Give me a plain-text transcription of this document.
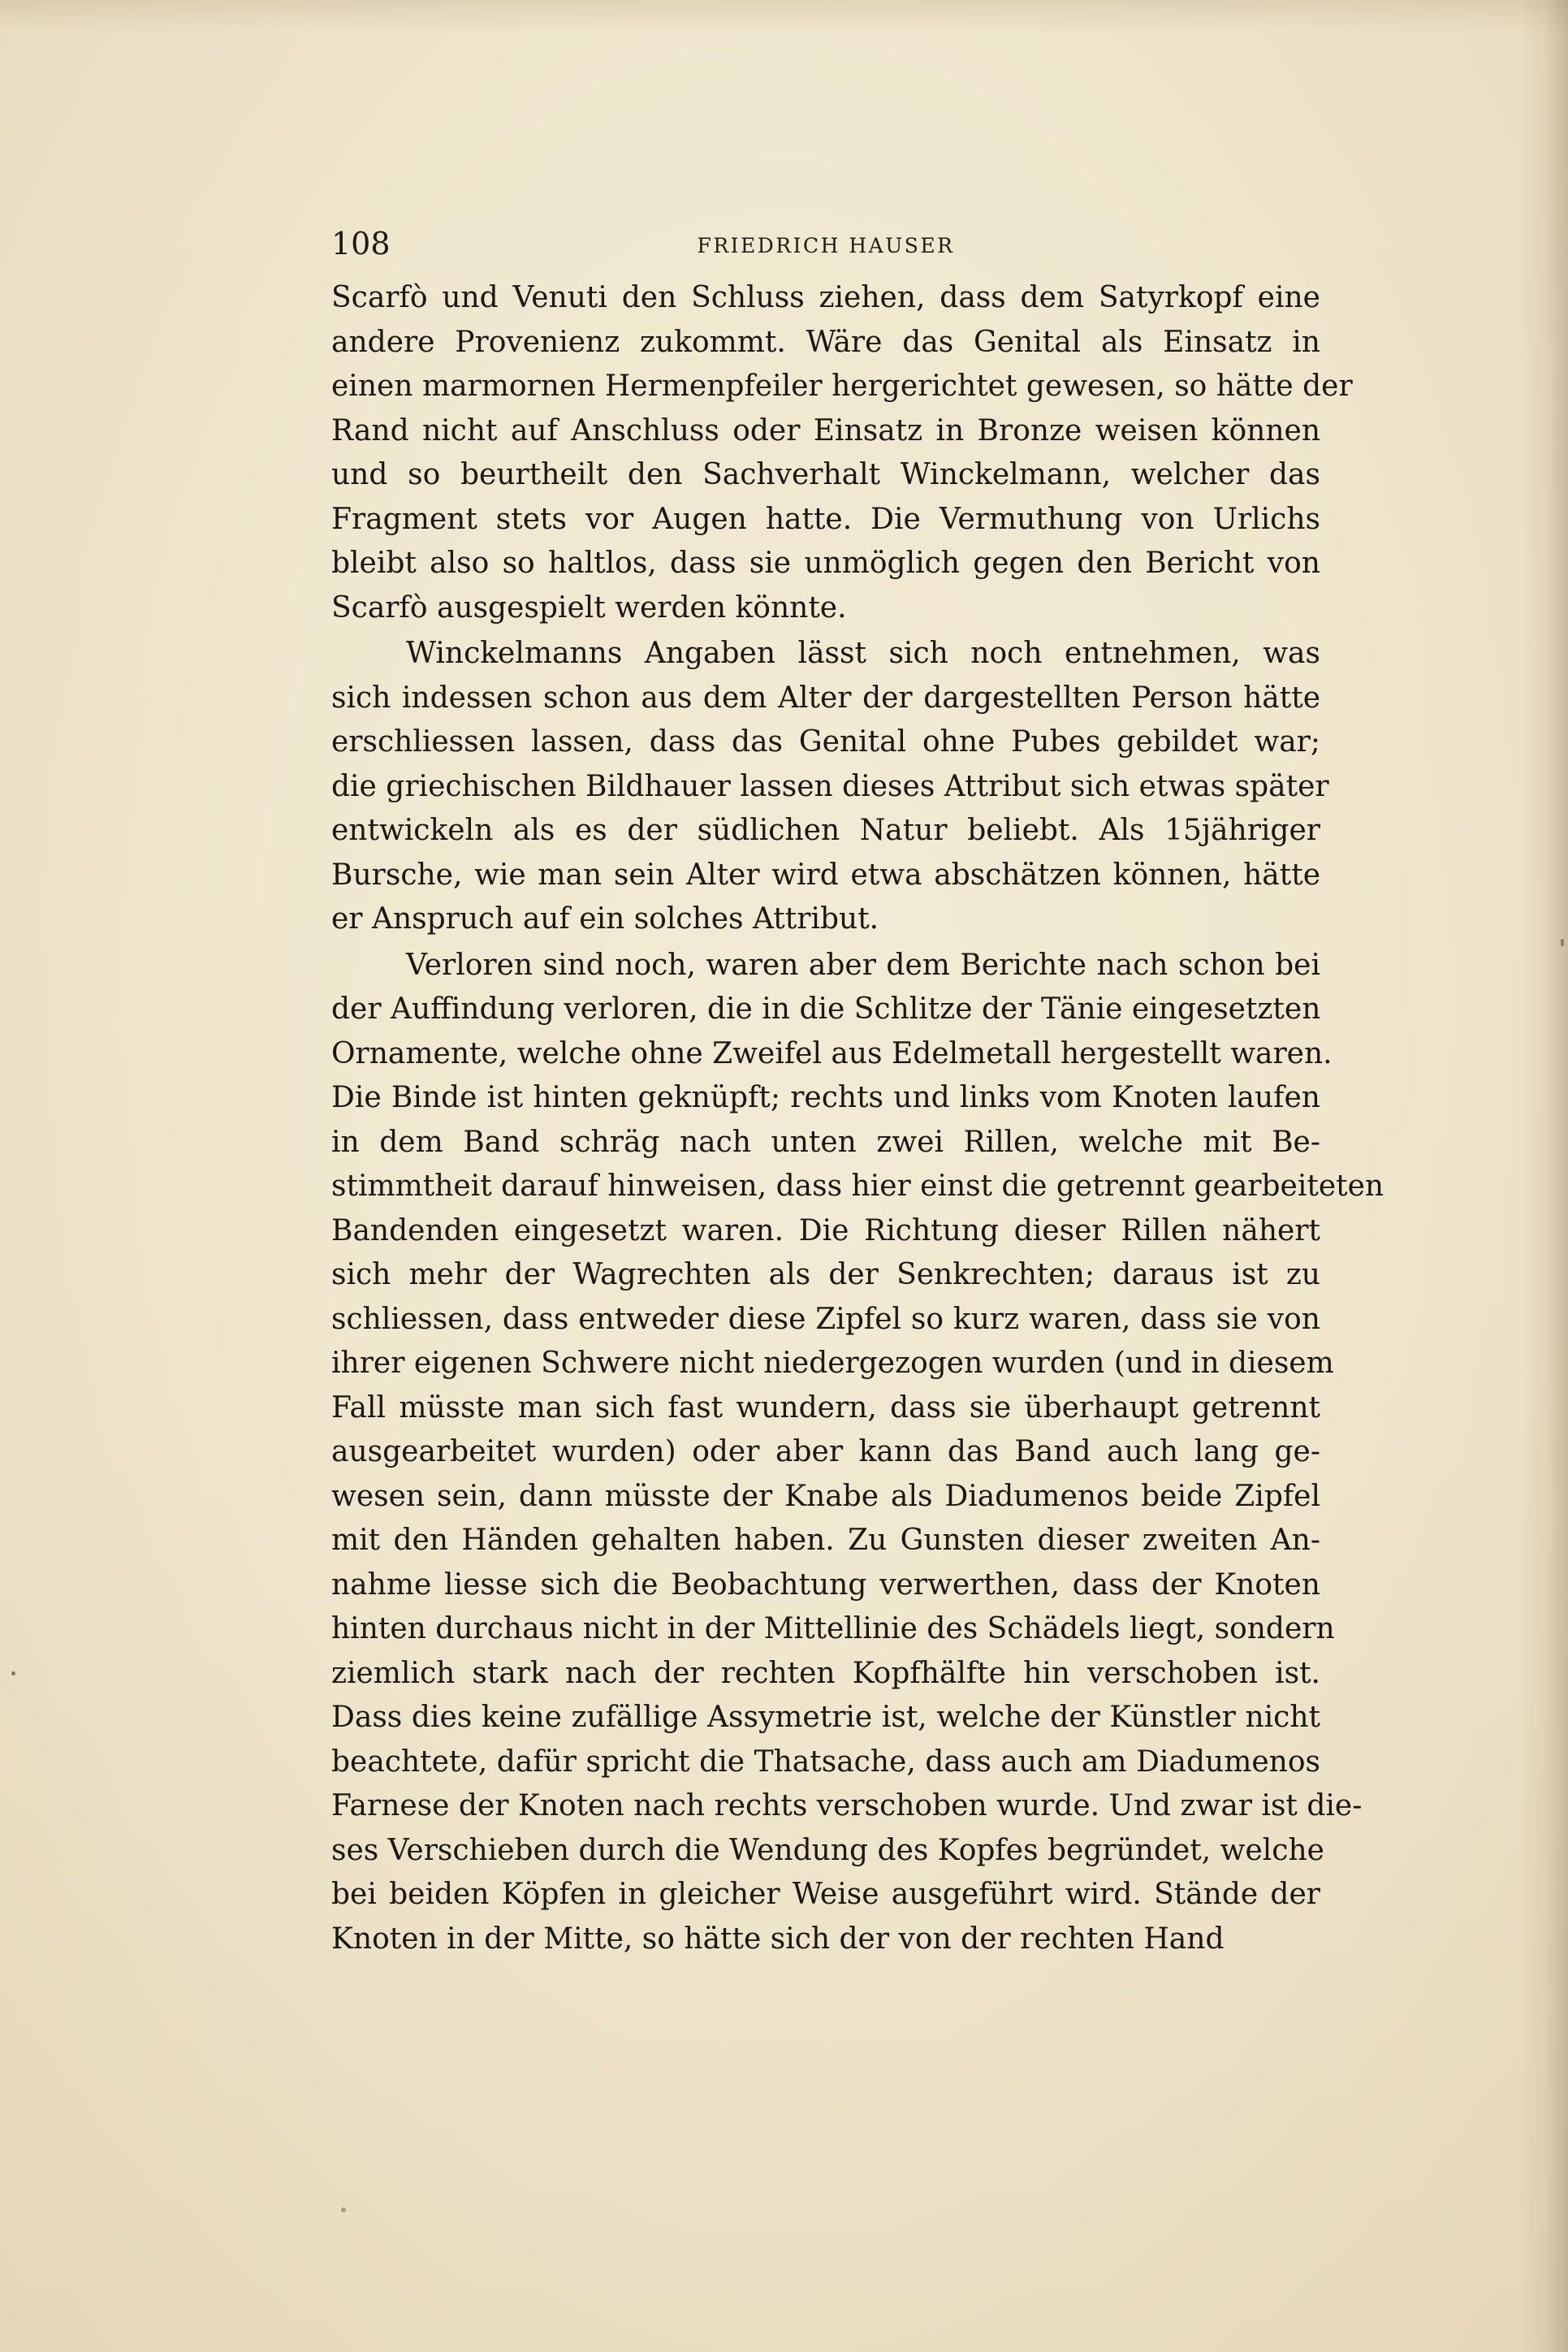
108	FRIEDRICH HAUSER
Scarfò und Venuti den Schluss ziehen, dass dem Satyrkopf eine
andere Provenienz zukommt. Wäre das Genital als Einsatz in
einen marmornen Hermenpfeiler hergerichtet gewesen, so hätte der
Rand nicht auf Anschluss oder Einsatz in Bronze weisen können
und so beurtheilt den Sachverhalt Winckelmann, welcher das
Fragment stets vor Augen hatte. Die Vermuthung von Urlichs
bleibt also so haltlos, dass sie unmöglich gegen den Bericht von
Scarfò ausgespielt werden könnte.
Winckelmanns Angaben lässt sich noch entnehmen, was
sich indessen schon aus dem Alter der dargestellten Person hätte
erschliessen lassen, dass das Genital ohne Pubes gebildet war;
die griechischen Bildhauer lassen dieses Attribut sich etwas später
entwickeln als es der südlichen Natur beliebt. Als 15jähriger
Bursche, wie man sein Alter wird etwa abschätzen können, hätte
er Anspruch auf ein solches Attribut.
Verloren sind noch, waren aber dem Berichte nach schon bei
der Auffindung verloren, die in die Schlitze der Tänie eingesetzten
Ornamente, welche ohne Zweifel aus Edelmetall hergestellt waren.
Die Binde ist hinten geknüpft; rechts und links vom Knoten laufen
in dem Band schräg nach unten zwei Rillen, welche mit Be-
stimmtheit darauf hinweisen, dass hier einst die getrennt gearbeiteten
Bandenden eingesetzt waren. Die Richtung dieser Rillen nähert
sich mehr der Wagrechten als der Senkrechten; daraus ist zu
schliessen, dass entweder diese Zipfel so kurz waren, dass sie von
ihrer eigenen Schwere nicht niedergezogen wurden (und in diesem
Fall müsste man sich fast wundern, dass sie überhaupt getrennt
ausgearbeitet wurden) oder aber kann das Band auch lang ge-
wesen sein, dann müsste der Knabe als Diadumenos beide Zipfel
mit den Händen gehalten haben. Zu Gunsten dieser zweiten An-
nahme liesse sich die Beobachtung verwerthen, dass der Knoten
hinten durchaus nicht in der Mittellinie des Schädels liegt, sondern
ziemlich stark nach der rechten Kopfhälfte hin verschoben ist.
Dass dies keine zufällige Assymetrie ist, welche der Künstler nicht
beachtete, dafür spricht die Thatsache, dass auch am Diadumenos
Farnese der Knoten nach rechts verschoben wurde. Und zwar ist die-
ses Verschieben durch die Wendung des Kopfes begründet, welche
bei beiden Köpfen in gleicher Weise ausgeführt wird. Stände der
Knoten in der Mitte, so hätte sich der von der rechten Hand
